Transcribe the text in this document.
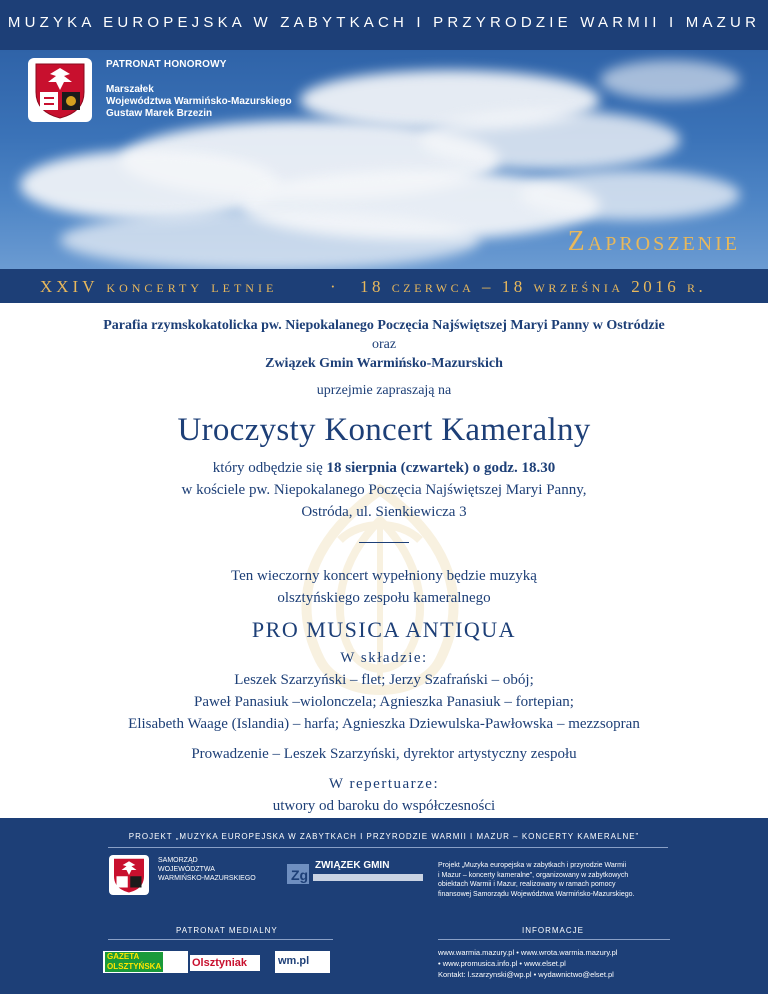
MUZYKA EUROPEJSKA W ZABYTKACH I PRZYRODZIE WARMII I MAZUR
PATRONAT HONOROWY
Marszałek
Województwa Warmińsko-Mazurskiego
Gustaw Marek Brzezin
Zaproszenie
XXIV koncerty letnie	· 18 czerwca – 18 września 2016 r.

Parafia rzymskokatolicka pw. Niepokalanego Poczęcia Najświętszej Maryi Panny w Ostródzie

oraz

Związek Gmin Warmińsko-Mazurskich

uprzejmie zapraszają na

Uroczysty Koncert Kameralny
który odbędzie się 18 sierpnia (czwartek) o godz. 18.30
w kościele pw. Niepokalanego Poczęcia Najświętszej Maryi Panny,
Ostróda, ul. Sienkiewicza 3
Ten wieczorny koncert wypełniony będzie muzyką
olsztyńskiego zespołu kameralnego
PRO MUSICA ANTIQUA
W składzie:
Leszek Szarzyński – flet; Jerzy Szafrański – obój;
Paweł Panasiuk –wiolonczela; Agnieszka Panasiuk – fortepian;
Elisabeth Waage (Islandia) – harfa; Agnieszka Dziewulska-Pawłowska – mezzsopran
Prowadzenie – Leszek Szarzyński, dyrektor artystyczny zespołu
W repertuarze:
utwory od baroku do współczesności
PROJEKT „MUZYKA EUROPEJSKA W ZABYTKACH I PRZYRODZIE WARMII I MAZUR – KONCERTY KAMERALNE”
SAMORZĄD
WOJEWÓDZTWA
WARMIŃSKO-MAZURSKIEGO	Zg
ZWIĄZEK GMIN	Projekt „Muzyka europejska w zabytkach i przyrodzie Warmii
i Mazur – koncerty kameralne”, organizowany w zabytkowych
obiektach Warmii i Mazur, realizowany w ramach pomocy
finansowej Samorządu Województwa Warmińsko-Mazurskiego.
PATRONAT MEDIALNY	INFORMACJE
GAZETA
OLSZTYŃSKA	Olsztyniak	wm.pl
www.warmia.mazury.pl • www.wrota.warmia.mazury.pl
• www.promusica.info.pl • www.elset.pl
Kontakt: l.szarzynski@wp.pl • wydawnictwo@elset.pl
